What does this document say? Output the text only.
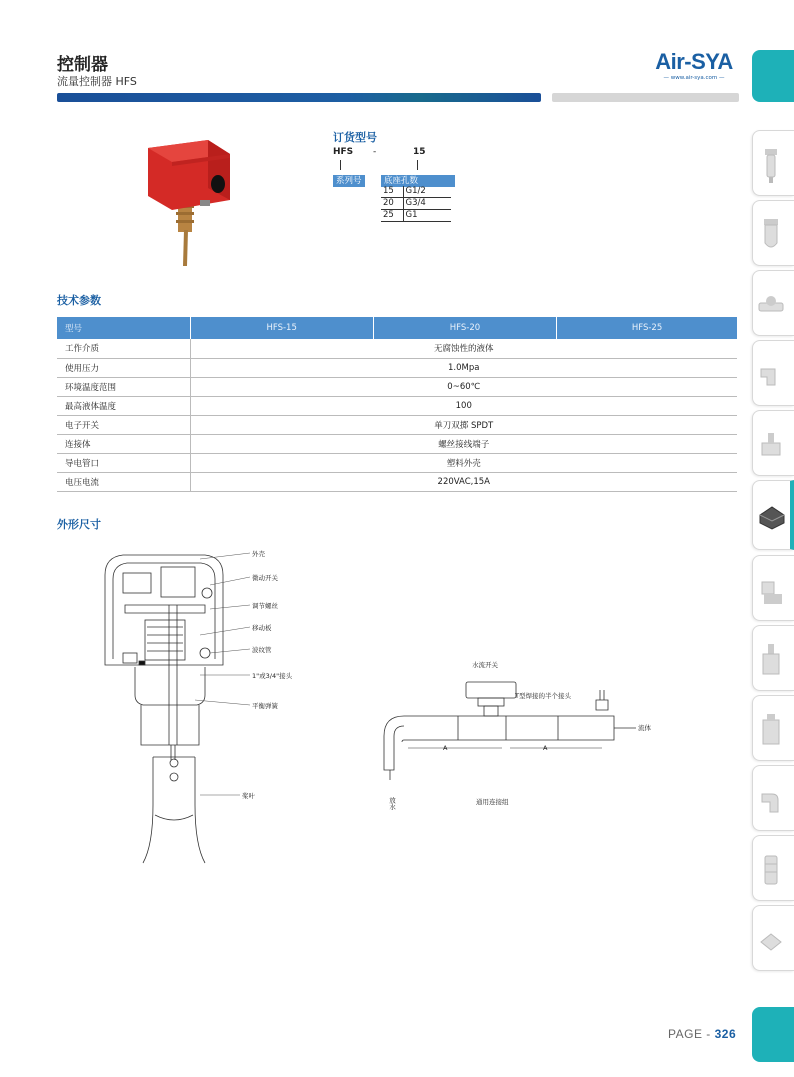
控制器
流量控制器 HFS
Air-SYA
— www.air-sya.com —
订货型号
HFS -	15
系列号	底座孔数
15	G1/2
20	G3/4
25	G1
技术参数
型号	HFS-15	HFS-20	HFS-25
工作介质	无腐蚀性的液体		
使用压力	1.0Mpa		
环境温度范围	0~60℃		
最高液体温度	100		
电子开关	单刀双掷 SPDT		
连接体	螺丝接线端子		
导电管口	塑料外壳		
电压电流	220VAC,15A		
外形尺寸
外壳
微动开关
调节螺丝
移动板
波纹管
1"或3/4"接头
平衡弹簧
桨叶
水流开关
T型焊接的半个接头
流体
A	A
放水	通用连接组
PAGE - 326
